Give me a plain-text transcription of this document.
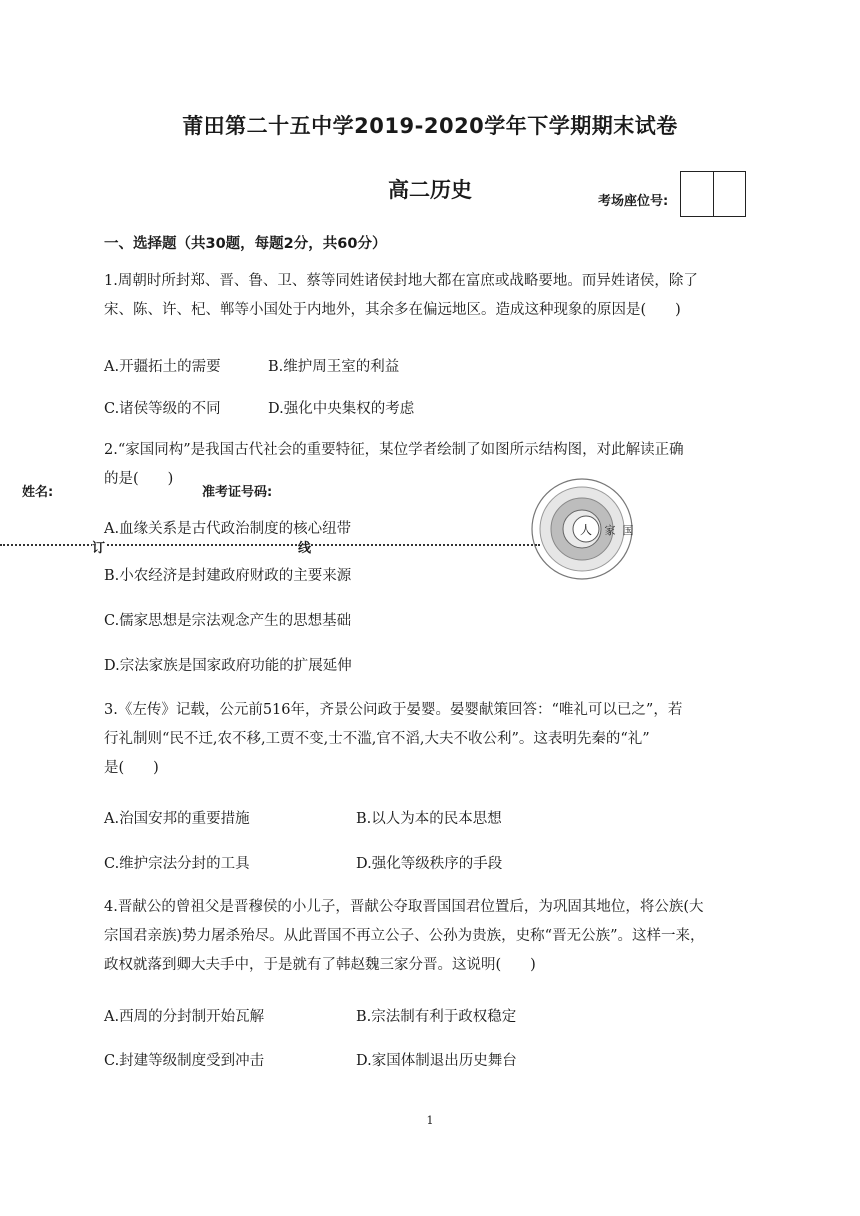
莆田第二十五中学2019-2020学年下学期期末试卷
高二历史	考场座位号:
一、选择题（共30题，每题2分，共60分）
1.周朝时所封郑、晋、鲁、卫、蔡等同姓诸侯封地大都在富庶或战略要地。而异姓诸侯，除了
宋、陈、许、杞、郸等小国处于内地外，其余多在偏远地区。造成这种现象的原因是(　　)
A.开疆拓土的需要	B.维护周王室的利益
C.诸侯等级的不同	D.强化中央集权的考虑
2.“家国同构”是我国古代社会的重要特征，某位学者绘制了如图所示结构图，对此解读正确
的是(　　)
A.血缘关系是古代政治制度的核心纽带
B.小农经济是封建政府财政的主要来源
C.儒家思想是宗法观念产生的思想基础
D.宗法家族是国家政府功能的扩展延伸
人 家 国
姓名:	准考证号码:
订	线
3.《左传》记载，公元前516年，齐景公问政于晏婴。晏婴献策回答：“唯礼可以已之”，若
行礼制则“民不迁,农不移,工贾不变,士不滥,官不滔,大夫不收公利”。这表明先秦的“礼”
是(　　)
A.治国安邦的重要措施	B.以人为本的民本思想
C.维护宗法分封的工具	D.强化等级秩序的手段
4.晋献公的曾祖父是晋穆侯的小儿子，晋献公夺取晋国国君位置后，为巩固其地位，将公族(大
宗国君亲族)势力屠杀殆尽。从此晋国不再立公子、公孙为贵族，史称“晋无公族”。这样一来，
政权就落到卿大夫手中，于是就有了韩赵魏三家分晋。这说明(　　)
A.西周的分封制开始瓦解	B.宗法制有利于政权稳定
C.封建等级制度受到冲击	D.家国体制退出历史舞台
1
